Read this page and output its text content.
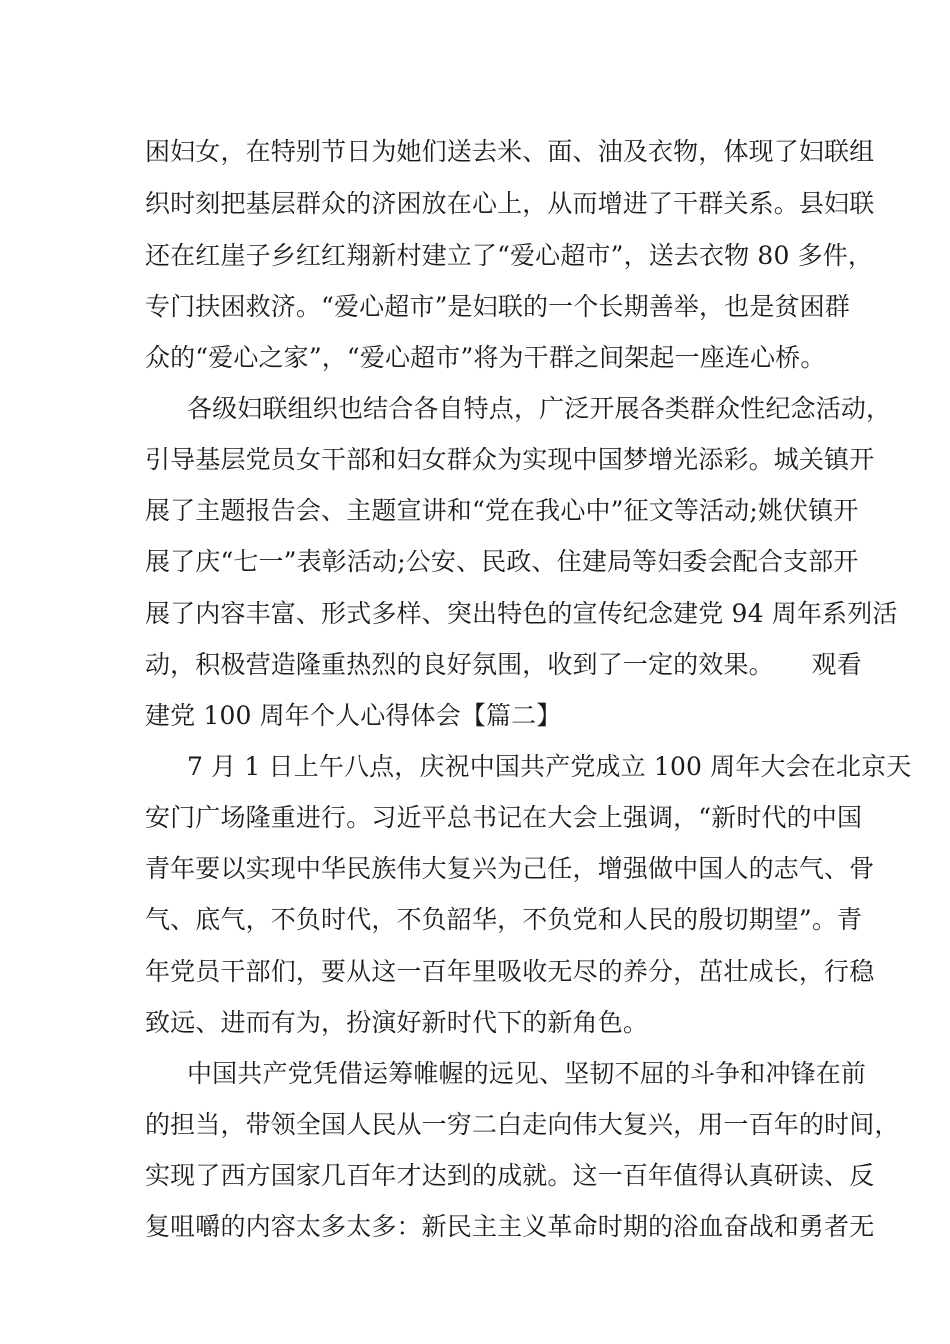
困妇女，在特别节日为她们送去米、面、油及衣物，体现了妇联组
织时刻把基层群众的济困放在心上，从而增进了干群关系。县妇联
还在红崖子乡红红翔新村建立了“爱心超市”，送去衣物 80 多件，
专门扶困救济。“爱心超市”是妇联的一个长期善举，也是贫困群
众的“爱心之家”，“爱心超市”将为干群之间架起一座连心桥。
各级妇联组织也结合各自特点，广泛开展各类群众性纪念活动，
引导基层党员女干部和妇女群众为实现中国梦增光添彩。城关镇开
展了主题报告会、主题宣讲和“党在我心中”征文等活动;姚伏镇开
展了庆“七一”表彰活动;公安、民政、住建局等妇委会配合支部开
展了内容丰富、形式多样、突出特色的宣传纪念建党 94 周年系列活
动，积极营造隆重热烈的良好氛围，收到了一定的效果。　　观看
建党 100 周年个人心得体会【篇二】
7 月 1 日上午八点，庆祝中国共产党成立 100 周年大会在北京天
安门广场隆重进行。习近平总书记在大会上强调，“新时代的中国
青年要以实现中华民族伟大复兴为己任，增强做中国人的志气、骨
气、底气，不负时代，不负韶华，不负党和人民的殷切期望”。青
年党员干部们，要从这一百年里吸收无尽的养分，茁壮成长，行稳
致远、进而有为，扮演好新时代下的新角色。
中国共产党凭借运筹帷幄的远见、坚韧不屈的斗争和冲锋在前
的担当，带领全国人民从一穷二白走向伟大复兴，用一百年的时间，
实现了西方国家几百年才达到的成就。这一百年值得认真研读、反
复咀嚼的内容太多太多：新民主主义革命时期的浴血奋战和勇者无
